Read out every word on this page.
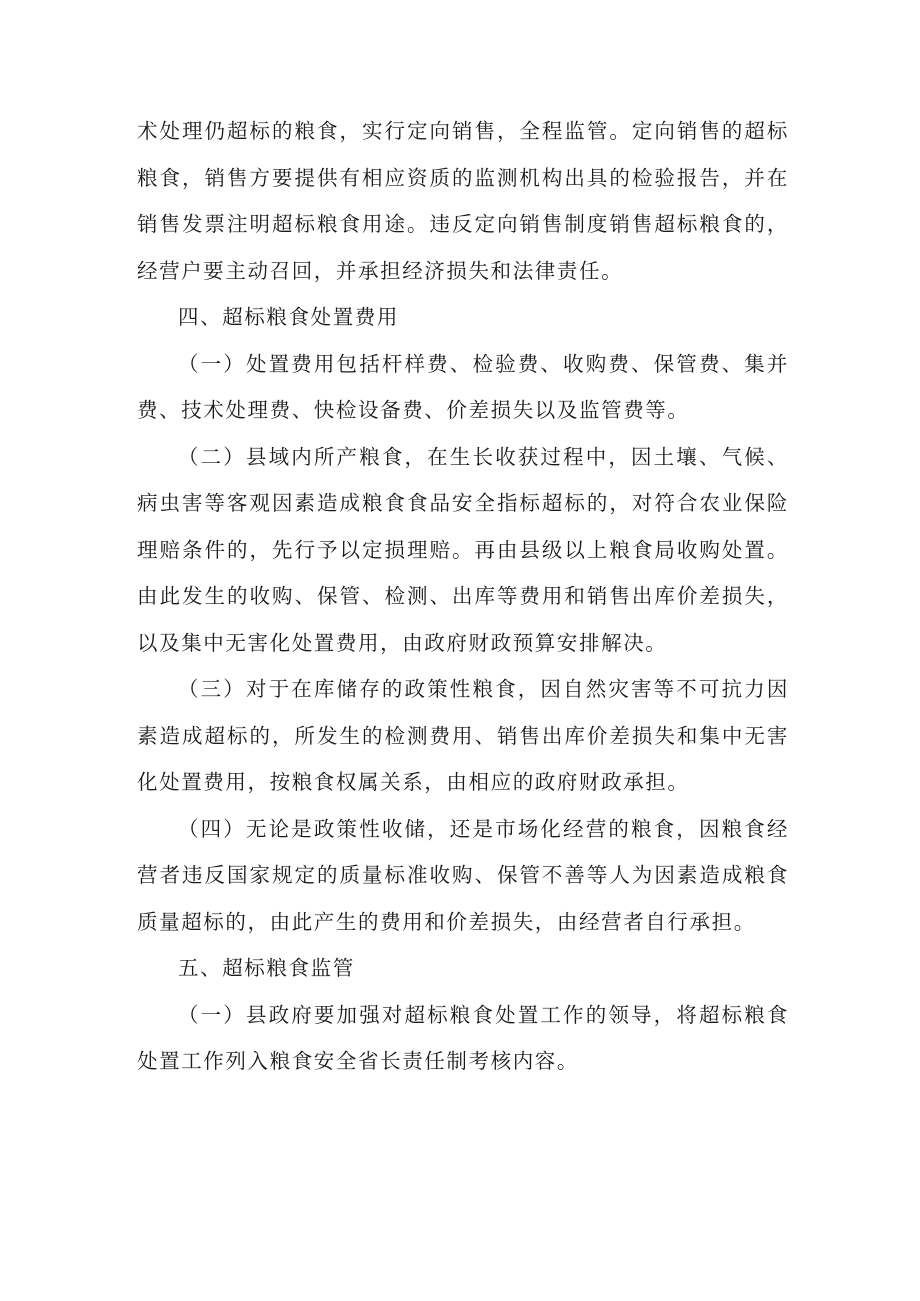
术处理仍超标的粮食，实行定向销售，全程监管。定向销售的超标粮食，销售方要提供有相应资质的监测机构出具的检验报告，并在销售发票注明超标粮食用途。违反定向销售制度销售超标粮食的，经营户要主动召回，并承担经济损失和法律责任。

四、超标粮食处置费用

（一）处置费用包括杆样费、检验费、收购费、保管费、集并费、技术处理费、快检设备费、价差损失以及监管费等。

（二）县域内所产粮食，在生长收获过程中，因土壤、气候、病虫害等客观因素造成粮食食品安全指标超标的，对符合农业保险理赔条件的，先行予以定损理赔。再由县级以上粮食局收购处置。由此发生的收购、保管、检测、出库等费用和销售出库价差损失，以及集中无害化处置费用，由政府财政预算安排解决。

（三）对于在库储存的政策性粮食，因自然灾害等不可抗力因素造成超标的，所发生的检测费用、销售出库价差损失和集中无害化处置费用，按粮食权属关系，由相应的政府财政承担。

（四）无论是政策性收储，还是市场化经营的粮食，因粮食经营者违反国家规定的质量标准收购、保管不善等人为因素造成粮食质量超标的，由此产生的费用和价差损失，由经营者自行承担。

五、超标粮食监管

（一）县政府要加强对超标粮食处置工作的领导，将超标粮食处置工作列入粮食安全省长责任制考核内容。
